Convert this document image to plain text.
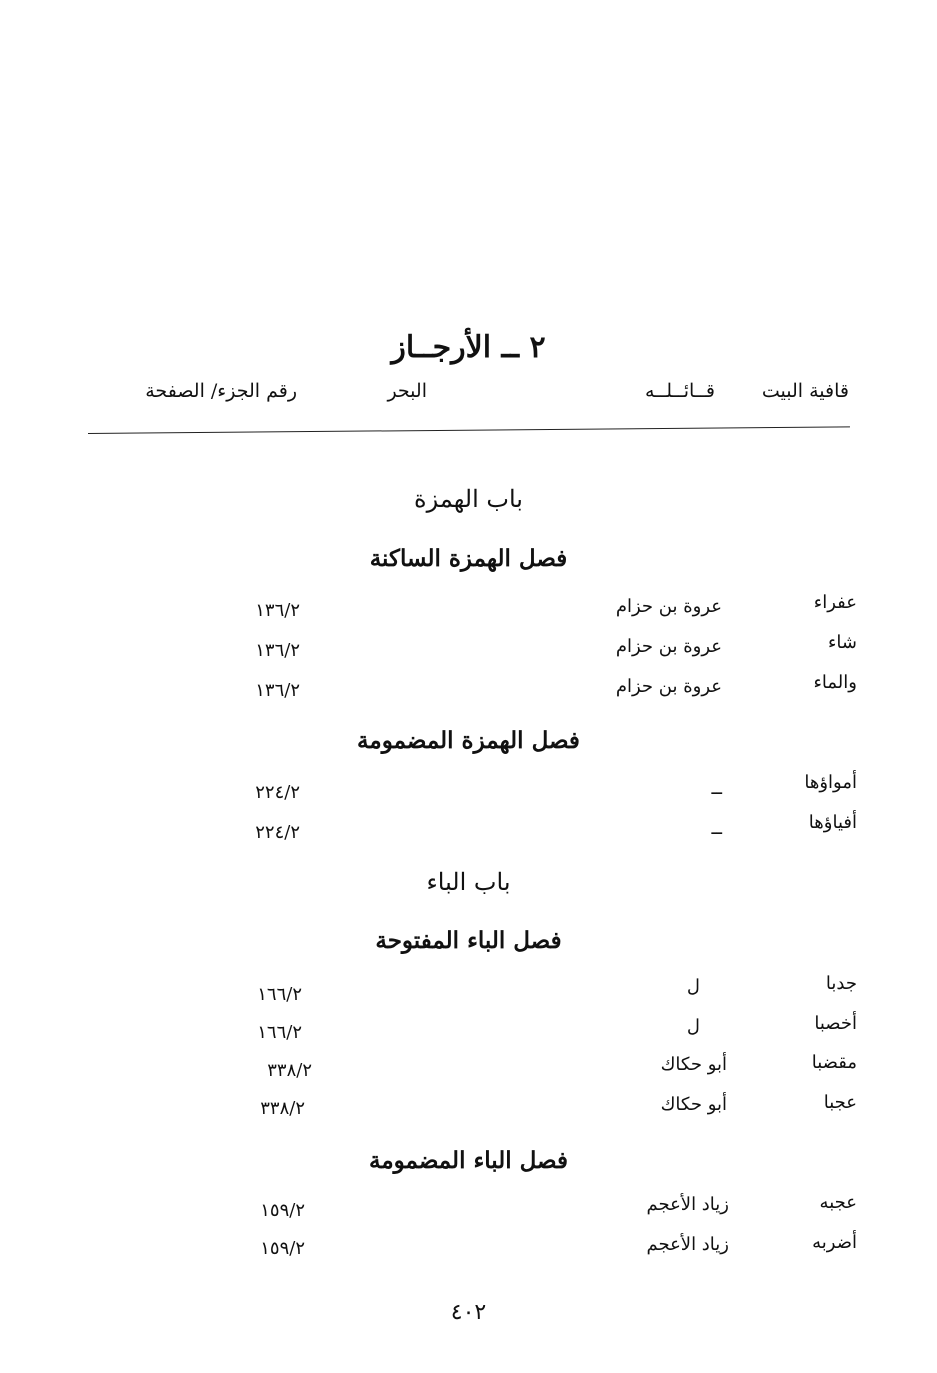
٢ ــ الأرجــاز
قافية البيت
قــائــلــه
البحر
رقم الجزء/ الصفحة
باب الهمزة
فصل الهمزة الساكنة
عفراء
عروة بن حزام
١٣٦/٢
شاء
عروة بن حزام
١٣٦/٢
والماء
عروة بن حزام
١٣٦/٢
فصل الهمزة المضمومة
أمواؤها
ــ
٢٢٤/٢
أفياؤها
ــ
٢٢٤/٢
باب الباء
فصل الباء المفتوحة
جدبا
ل
١٦٦/٢
أخصبا
ل
١٦٦/٢
مقضبا
أبو حكاك
٣٣٨/٢
عجبا
أبو حكاك
٣٣٨/٢
فصل الباء المضمومة
عجبه
زياد الأعجم
١٥٩/٢
أضربه
زياد الأعجم
١٥٩/٢
٤٠٢
